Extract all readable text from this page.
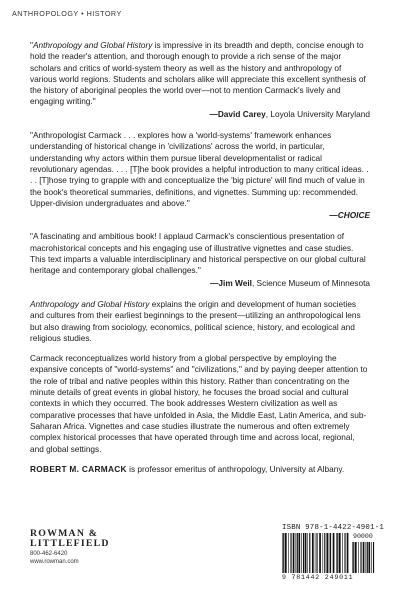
ANTHROPOLOGY • HISTORY

"Anthropology and Global History is impressive in its breadth and depth, concise enough to hold the reader's attention, and thorough enough to provide a rich sense of the major scholars and critics of world-system theory as well as the history and anthropology of various world regions. Students and scholars alike will appreciate this excellent synthesis of the history of aboriginal peoples the world over—not to mention Carmack's lively and engaging writing."

—David Carey, Loyola University Maryland

"Anthropologist Carmack . . . explores how a 'world-systems' framework enhances understanding of historical change in 'civilizations' across the world, in particular, understanding why actors within them pursue liberal developmentalist or radical revolutionary agendas. . . . [T]he book provides a helpful introduction to many critical ideas. . . . [T]hose trying to grapple with and conceptualize the 'big picture' will find much of value in the book's theoretical summaries, definitions, and vignettes. Summing up: recommended. Upper-division undergraduates and above."

—CHOICE

"A fascinating and ambitious book! I applaud Carmack's conscientious presentation of macrohistorical concepts and his engaging use of illustrative vignettes and case studies. This text imparts a valuable interdisciplinary and historical perspective on our global cultural heritage and contemporary global challenges."

—Jim Weil, Science Museum of Minnesota

Anthropology and Global History explains the origin and development of human societies and cultures from their earliest beginnings to the present—utilizing an anthropological lens but also drawing from sociology, economics, political science, history, and ecological and religious studies.

Carmack reconceptualizes world history from a global perspective by employing the expansive concepts of "world-systems" and "civilizations," and by paying deeper attention to the role of tribal and native peoples within this history. Rather than concentrating on the minute details of great events in global history, he focuses the broad social and cultural contexts in which they occurred. The book addresses Western civilization as well as comparative processes that have unfolded in Asia, the Middle East, Latin America, and sub-Saharan Africa. Vignettes and case studies illustrate the numerous and often extremely complex historical processes that have operated through time and across local, regional, and global settings.

ROBERT M. CARMACK is professor emeritus of anthropology, University at Albany.
ROWMAN &
LITTLEFIELD
800-462-6420
www.rowman.com
ISBN 978-1-4422-4901-1
90000
9 781442 249011
